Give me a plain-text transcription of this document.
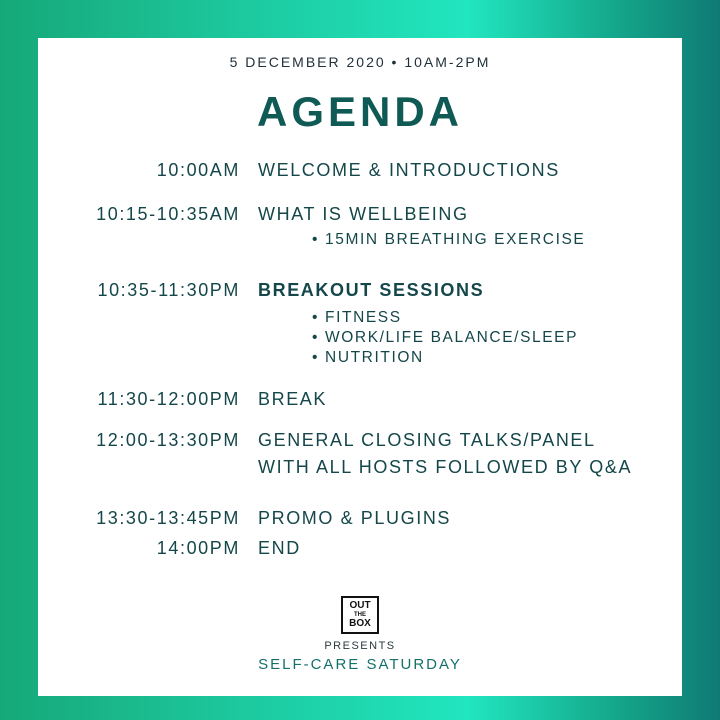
5 DECEMBER 2020 • 10AM-2PM
AGENDA
10:00AM WELCOME & INTRODUCTIONS
10:15-10:35AM WHAT IS WELLBEING
• 15MIN BREATHING EXERCISE
10:35-11:30PM BREAKOUT SESSIONS
• FITNESS
• WORK/LIFE BALANCE/SLEEP
• NUTRITION
11:30-12:00PM BREAK
12:00-13:30PM GENERAL CLOSING TALKS/PANEL
WITH ALL HOSTS FOLLOWED BY Q&A
13:30-13:45PM PROMO & PLUGINS
14:00PM END
OUT
THE
BOX
PRESENTS
SELF-CARE SATURDAY
